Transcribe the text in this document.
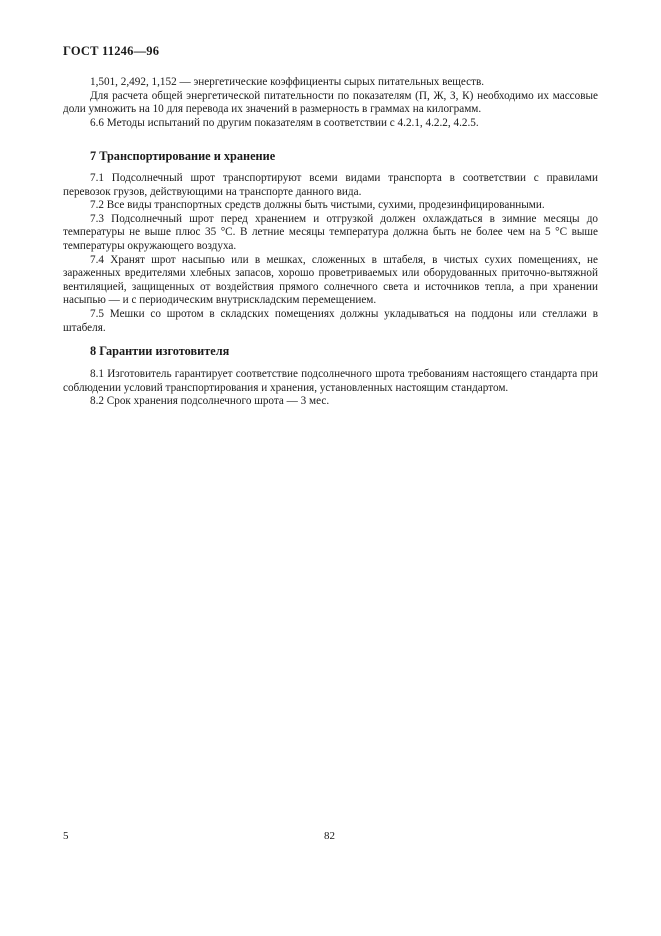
ГОСТ 11246—96

1,501, 2,492, 1,152 — энергетические коэффициенты сырых питательных веществ.

Для расчета общей энергетической питательности по показателям (П, Ж, З, К) необходимо их массовые доли умножить на 10 для перевода их значений в размерность в граммах на килограмм.

6.6 Методы испытаний по другим показателям в соответствии с 4.2.1, 4.2.2, 4.2.5.

7 Транспортирование и хранение

7.1 Подсолнечный шрот транспортируют всеми видами транспорта в соответствии с правилами перевозок грузов, действующими на транспорте данного вида.

7.2 Все виды транспортных средств должны быть чистыми, сухими, продезинфицированными.

7.3 Подсолнечный шрот перед хранением и отгрузкой должен охлаждаться в зимние месяцы до температуры не выше плюс 35 °С. В летние месяцы температура должна быть не более чем на 5 °С выше температуры окружающего воздуха.

7.4 Хранят шрот насыпью или в мешках, сложенных в штабеля, в чистых сухих помещениях, не зараженных вредителями хлебных запасов, хорошо проветриваемых или оборудованных приточно-вытяжной вентиляцией, защищенных от воздействия прямого солнечного света и источников тепла, а при хранении насыпью — и с периодическим внутрискладским перемещением.

7.5 Мешки со шротом в складских помещениях должны укладываться на поддоны или стеллажи в штабеля.

8 Гарантии изготовителя

8.1 Изготовитель гарантирует соответствие подсолнечного шрота требованиям настоящего стандарта при соблюдении условий транспортирования и хранения, установленных настоящим стандартом.

8.2 Срок хранения подсолнечного шрота — 3 мес.

5	82
